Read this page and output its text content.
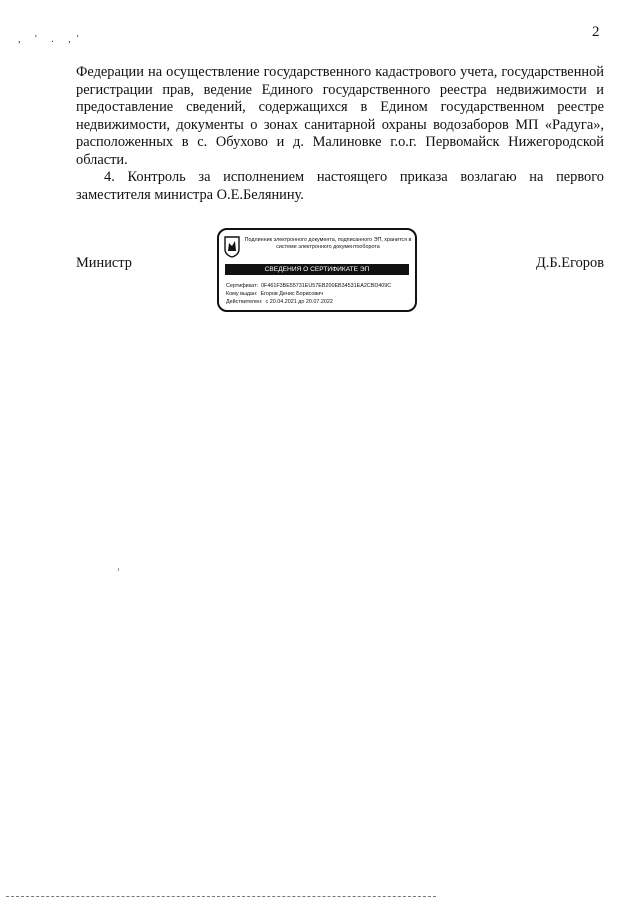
, ' . ,'	2

Федерации на осуществление государственного кадастрового учета, государственной регистрации прав, ведение Единого государственного реестра недвижимости и предоставление сведений, содержащихся в Едином государственном реестре недвижимости, документы о зонах санитарной охраны водозаборов МП «Радуга», расположенных в с. Обухово и д. Малиновке г.о.г. Первомайск Нижегородской области.

4. Контроль за исполнением настоящего приказа возлагаю на первого заместителя министра О.Е.Белянину.

Министр	Д.Б.Егоров
Подлинник электронного документа, подписанного ЭП, хранится в системе электронного документооборота
СВЕДЕНИЯ О СЕРТИФИКАТЕ ЭП
Сертификат: 0F461F3BE55731EU57EB200EB34531EA2CBD409C
Кому выдан: Егоров Денис Борисович
Действителен: с 20.04.2021 до 20.07.2022
